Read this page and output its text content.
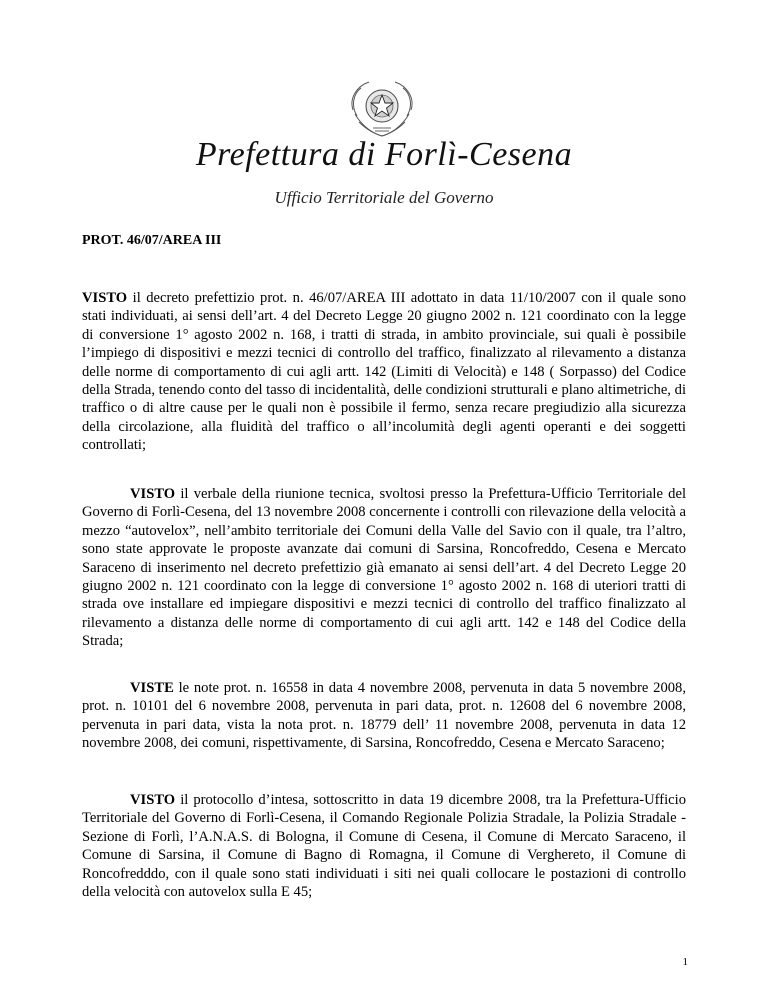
Prefettura di Forlì-Cesena
Ufficio Territoriale del Governo
PROT. 46/07/AREA III

VISTO il decreto prefettizio prot. n. 46/07/AREA III adottato in data 11/10/2007 con il quale sono stati individuati, ai sensi dell’art. 4 del Decreto Legge 20 giugno 2002 n. 121 coordinato con la legge di conversione 1° agosto 2002 n. 168, i tratti di strada, in ambito provinciale, sui quali è possibile l’impiego di dispositivi e mezzi tecnici di controllo del traffico, finalizzato al rilevamento a distanza delle norme di comportamento di cui agli artt. 142 (Limiti di Velocità) e 148 ( Sorpasso) del Codice della Strada, tenendo conto del tasso di incidentalità, delle condizioni strutturali e plano altimetriche, di traffico o di altre cause per le quali non è possibile il fermo, senza recare pregiudizio alla sicurezza della circolazione, alla fluidità del traffico o all’incolumità degli agenti operanti e dei soggetti controllati;

VISTO il verbale della riunione tecnica, svoltosi presso la Prefettura-Ufficio Territoriale del Governo di Forlì-Cesena, del 13 novembre 2008 concernente i controlli con rilevazione della velocità a mezzo “autovelox”, nell’ambito territoriale dei Comuni della Valle del Savio con il quale, tra l’altro, sono state approvate le proposte avanzate dai comuni di Sarsina, Roncofreddo, Cesena e Mercato Saraceno di inserimento nel decreto prefettizio già emanato ai sensi dell’art. 4 del Decreto Legge 20 giugno 2002 n. 121 coordinato con la legge di conversione 1° agosto 2002 n. 168 di uteriori tratti di strada ove installare ed impiegare dispositivi e mezzi tecnici di controllo del traffico finalizzato al rilevamento a distanza delle norme di comportamento di cui agli artt. 142 e 148 del Codice della Strada;

VISTE le note prot. n. 16558 in data 4 novembre 2008, pervenuta in data 5 novembre 2008, prot. n. 10101 del 6 novembre 2008, pervenuta in pari data, prot. n. 12608 del 6 novembre 2008, pervenuta in pari data, vista la nota prot. n. 18779 dell’ 11 novembre 2008, pervenuta in data 12 novembre 2008, dei comuni, rispettivamente, di Sarsina, Roncofreddo, Cesena e Mercato Saraceno;

VISTO il protocollo d’intesa, sottoscritto in data 19 dicembre 2008, tra la Prefettura-Ufficio Territoriale del Governo di Forlì-Cesena, il Comando Regionale Polizia Stradale, la Polizia Stradale - Sezione di Forlì, l’A.N.A.S. di Bologna, il Comune di Cesena, il Comune di Mercato Saraceno, il Comune di Sarsina, il Comune di Bagno di Romagna, il Comune di Verghereto, il Comune di Roncofredddo, con il quale sono stati individuati i siti nei quali collocare le postazioni di controllo della velocità con autovelox sulla E 45;

1
